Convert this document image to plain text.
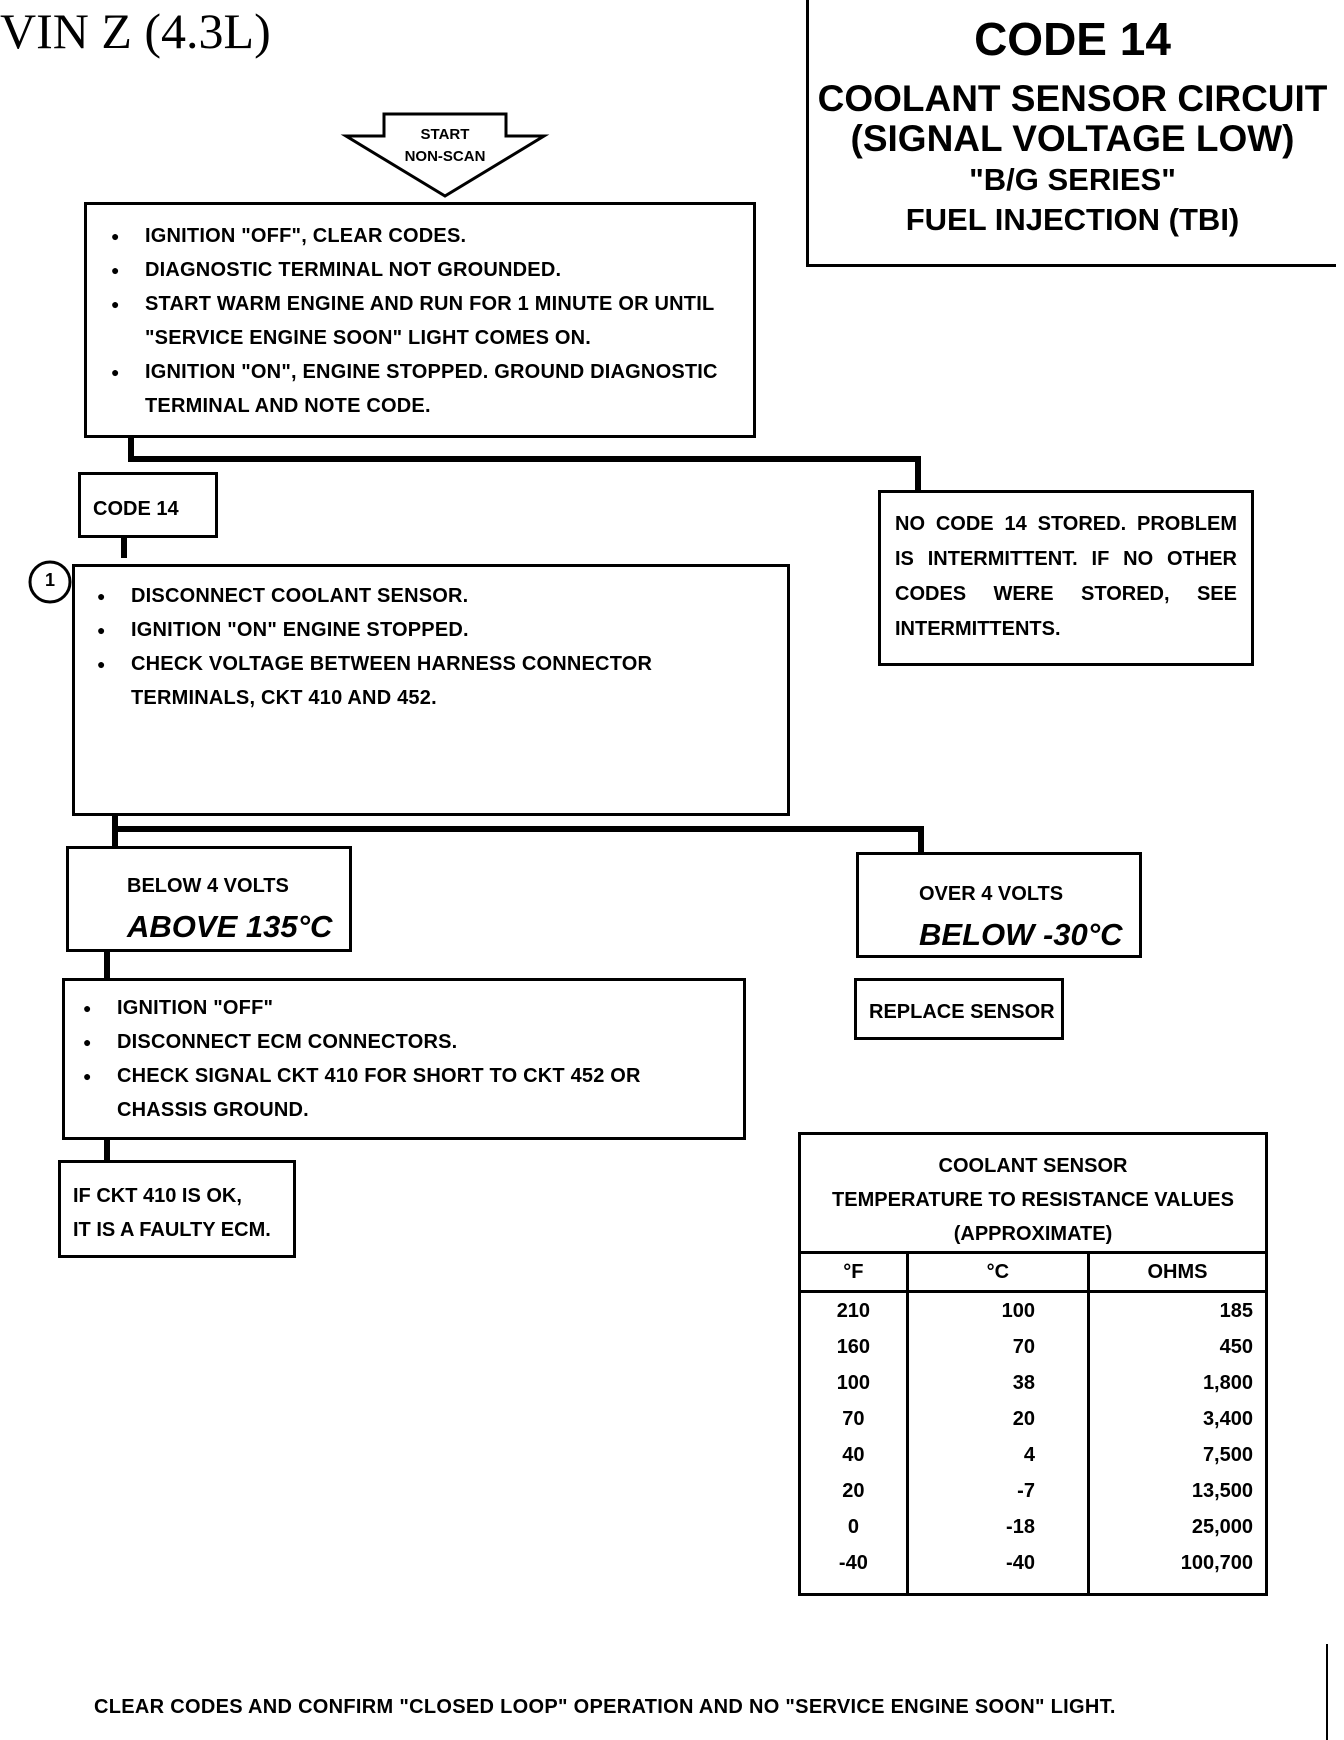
VIN Z (4.3L)	CODE 14
COOLANT SENSOR CIRCUIT
(SIGNAL VOLTAGE LOW)
"B/G SERIES"
FUEL INJECTION (TBI)
START
NON-SCAN
● IGNITION "OFF", CLEAR CODES.
● DIAGNOSTIC TERMINAL NOT GROUNDED.
● START WARM ENGINE AND RUN FOR 1 MINUTE OR UNTIL "SERVICE ENGINE SOON" LIGHT COMES ON.
● IGNITION "ON", ENGINE STOPPED. GROUND DIAGNOSTIC TERMINAL AND NOTE CODE.
CODE 14
NO CODE 14 STORED. PROBLEM IS INTERMITTENT. IF NO OTHER CODES WERE STORED, SEE INTERMITTENTS.
1
● DISCONNECT COOLANT SENSOR.
● IGNITION "ON" ENGINE STOPPED.
● CHECK VOLTAGE BETWEEN HARNESS CONNECTOR TERMINALS, CKT 410 AND 452.
BELOW 4 VOLTS
ABOVE 135°C
OVER 4 VOLTS
BELOW -30°C
REPLACE SENSOR
● IGNITION "OFF"
● DISCONNECT ECM CONNECTORS.
● CHECK SIGNAL CKT 410 FOR SHORT TO CKT 452 OR CHASSIS GROUND.
IF CKT 410 IS OK,
IT IS A FAULTY ECM.
COOLANT SENSOR
TEMPERATURE TO RESISTANCE VALUES
(APPROXIMATE)
°F	°C	OHMS
210	100	185
160	70	450
100	38	1,800
70	20	3,400
40	4	7,500
20	-7	13,500
0	-18	25,000
-40	-40	100,700

CLEAR CODES AND CONFIRM "CLOSED LOOP" OPERATION AND NO "SERVICE ENGINE SOON" LIGHT.
